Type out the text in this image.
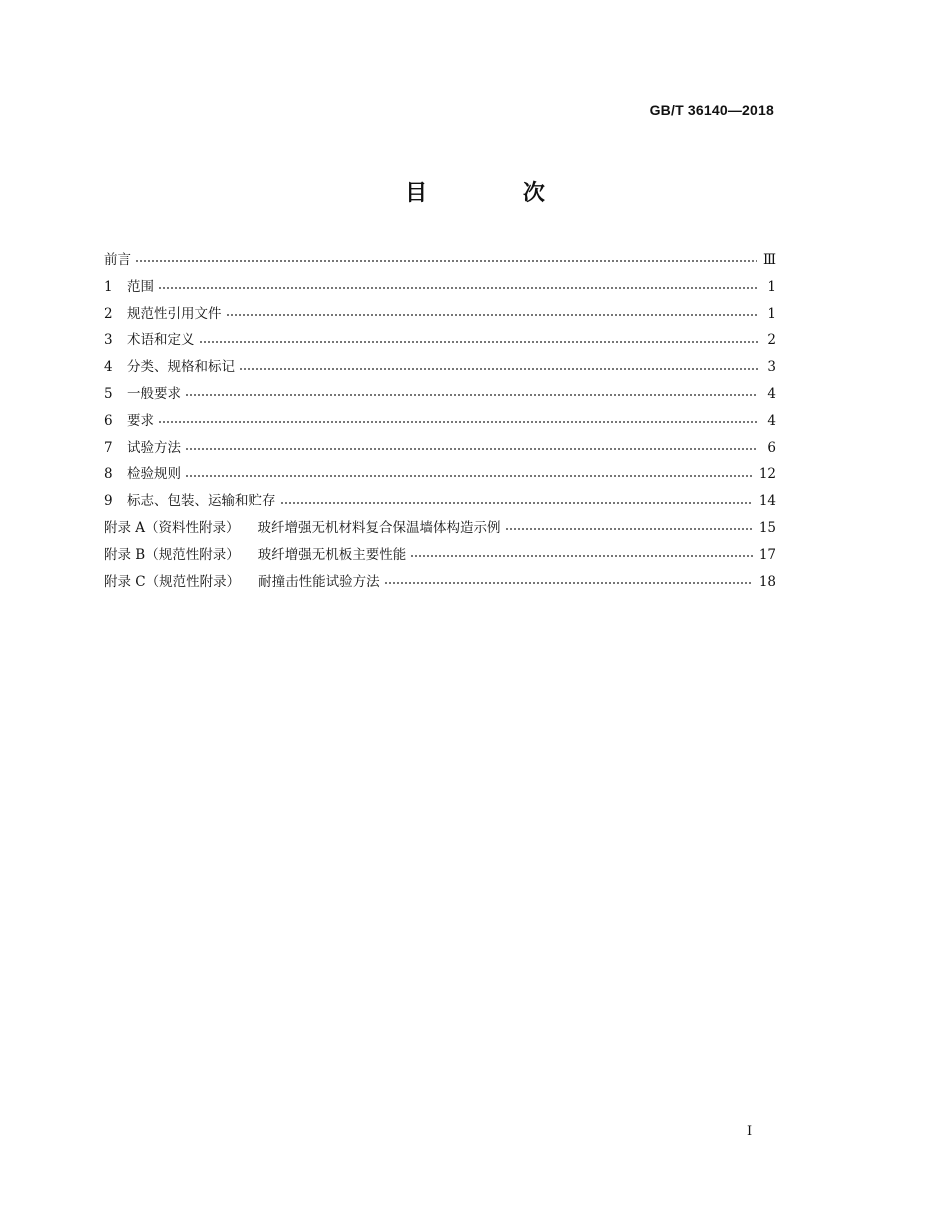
GB/T 36140—2018
目 次
前言	Ⅲ
1	范围	1
2	规范性引用文件	1
3	术语和定义	2
4	分类、规格和标记	3
5	一般要求	4
6	要求	4
7	试验方法	6
8	检验规则	12
9	标志、包装、运输和贮存	14
附录 A（资料性附录） 玻纤增强无机材料复合保温墙体构造示例	15
附录 B（规范性附录） 玻纤增强无机板主要性能	17
附录 C（规范性附录） 耐撞击性能试验方法	18
Ⅰ
